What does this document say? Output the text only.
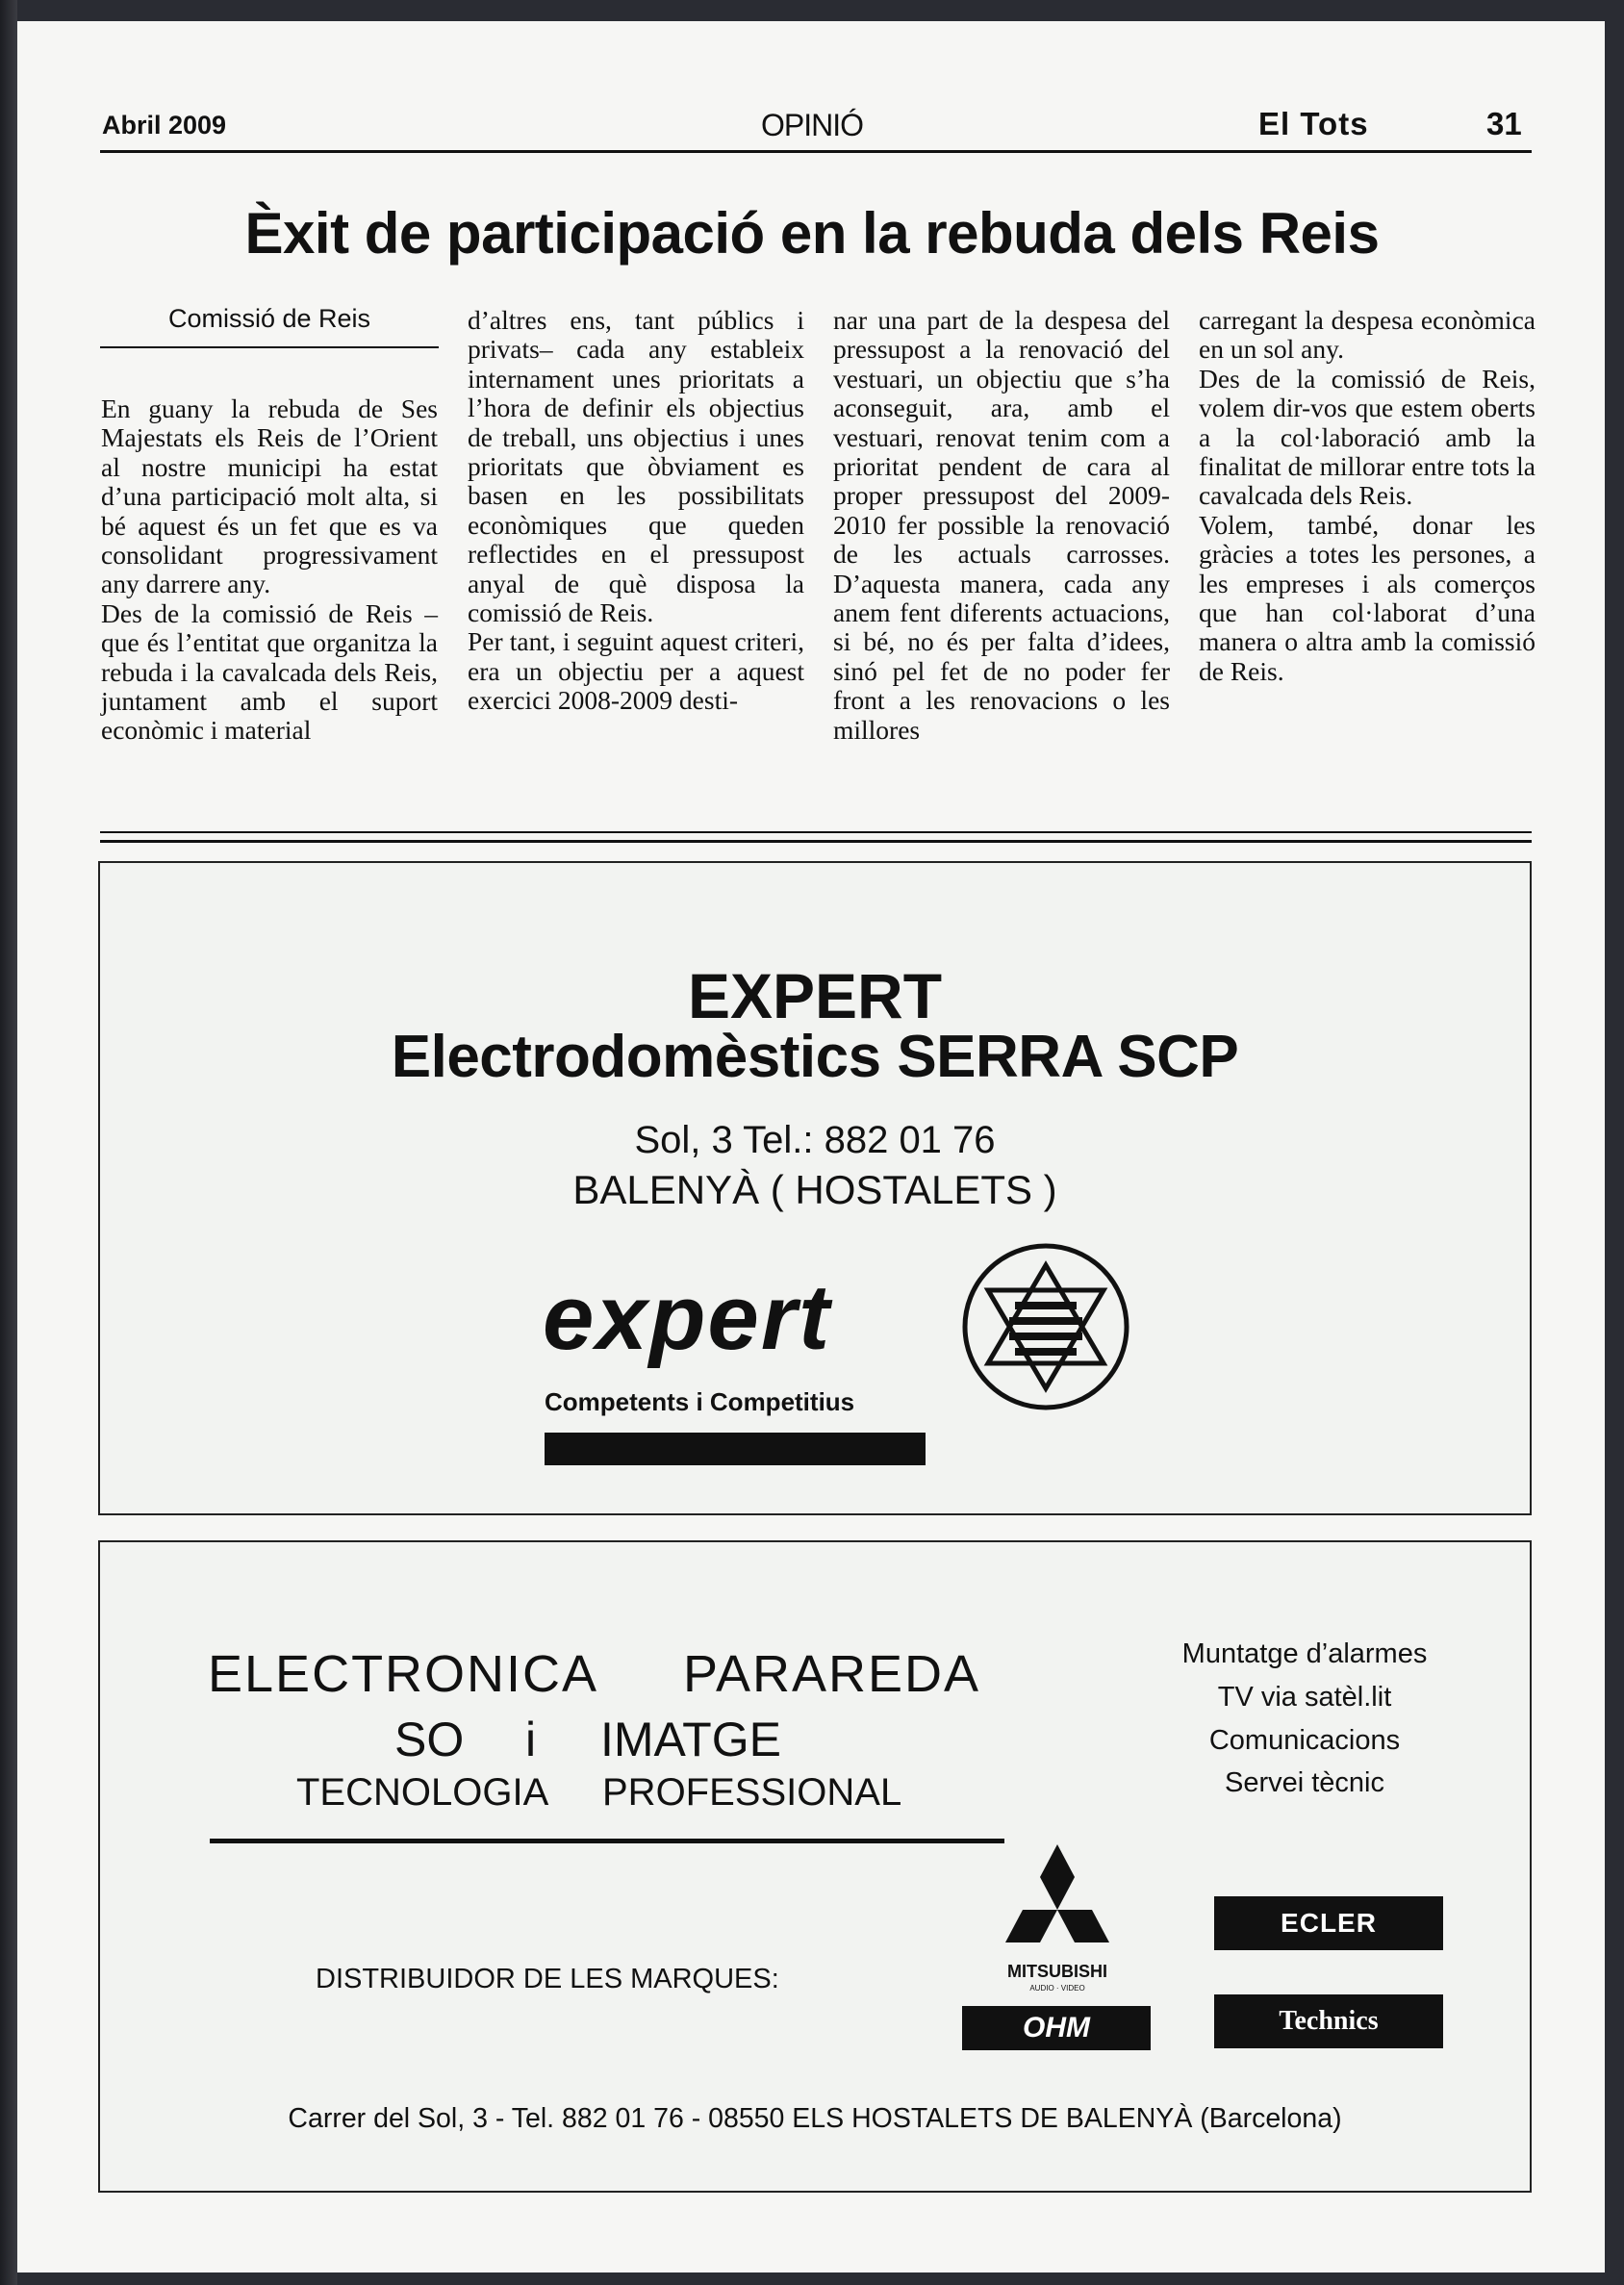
Abril 2009	OPINIÓ	El Tots	31
Èxit de participació en la rebuda dels Reis
Comissió de Reis
En guany la rebuda de Ses Majestats els Reis de l’Orient al nostre municipi ha estat d’una participació molt alta, si bé aquest és un fet que es va consolidant progressivament any darrere any.
Des de la comissió de Reis –que és l’entitat que organitza la rebuda i la cavalcada dels Reis, juntament amb el suport econòmic i material
d’altres ens, tant públics i privats– cada any estableix internament unes prioritats a l’hora de definir els objectius de treball, uns objectius i unes prioritats que òbviament es basen en les possibilitats econòmiques que queden reflectides en el pressupost anyal de què disposa la comissió de Reis.
Per tant, i seguint aquest criteri, era un objectiu per a aquest exercici 2008-2009 desti-
nar una part de la despesa del pressupost a la renovació del vestuari, un objectiu que s’ha aconseguit, ara, amb el vestuari, renovat tenim com a prioritat pendent de cara al proper pressupost del 2009-2010 fer possible la renovació de les actuals carrosses. D’aquesta manera, cada any anem fent diferents actuacions, si bé, no és per falta d’idees, sinó pel fet de no poder fer front a les renovacions o les millores
carregant la despesa econòmica en un sol any.
Des de la comissió de Reis, volem dir-vos que estem oberts a la col·laboració amb la finalitat de millorar entre tots la cavalcada dels Reis.
Volem, també, donar les gràcies a totes les persones, a les empreses i als comerços que han col·laborat d’una manera o altra amb la comissió de Reis.
EXPERT
Electrodomèstics SERRA SCP
Sol, 3 Tel.: 882 01 76
BALENYÀ ( HOSTALETS )
expert
Competents i Competitius
ELECTRONICA PARAREDA
SO i IMATGE
TECNOLOGIA PROFESSIONAL
Muntatge d’alarmes
TV via satèl.lit
Comunicacions
Servei tècnic
DISTRIBUIDOR DE LES MARQUES:	MITSUBISHI
AUDIO · VIDEO
OHM
ECLER
Technics
Carrer del Sol, 3 - Tel. 882 01 76 - 08550 ELS HOSTALETS DE BALENYÀ (Barcelona)
